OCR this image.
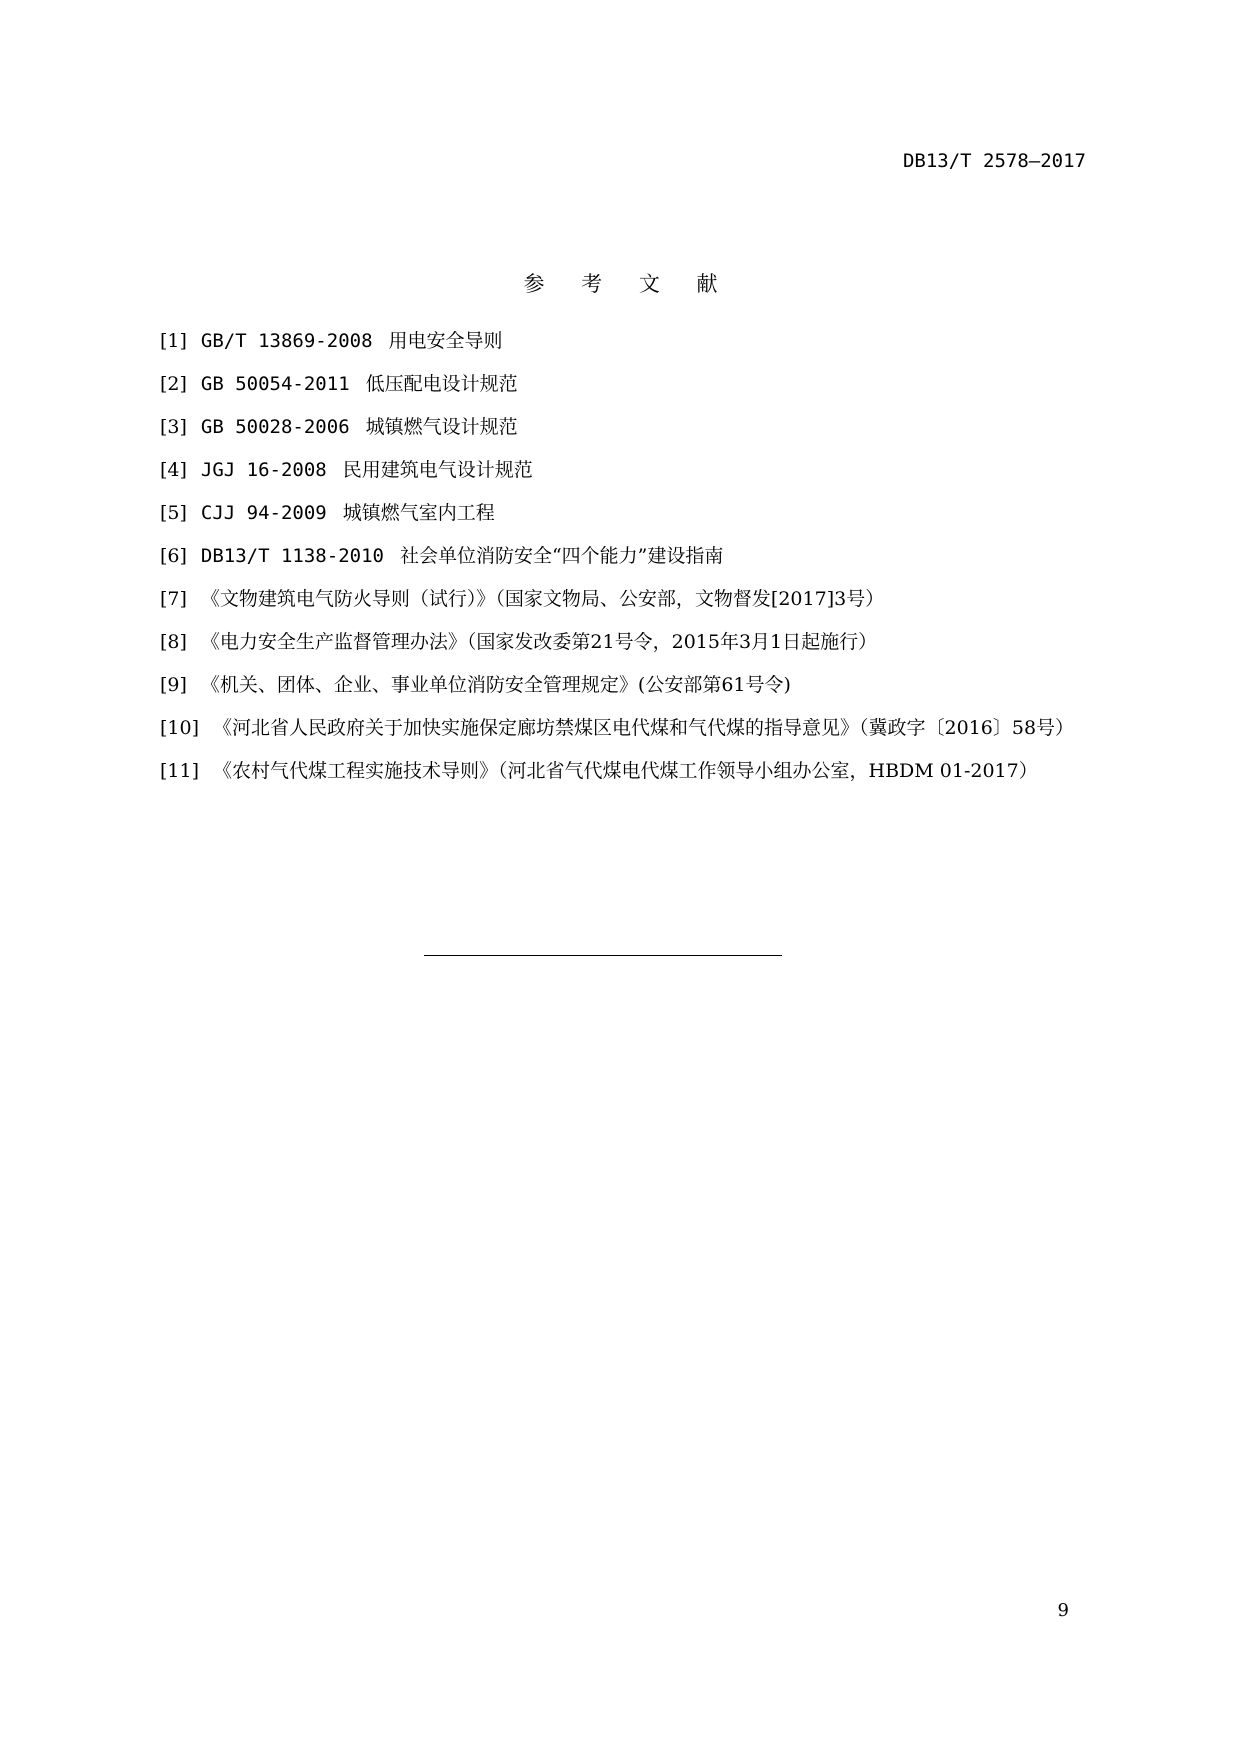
DB13/T 2578—2017
参 考 文 献
[1] GB/T 13869-2008 用电安全导则
[2] GB 50054-2011 低压配电设计规范
[3] GB 50028-2006 城镇燃气设计规范
[4] JGJ 16-2008 民用建筑电气设计规范
[5] CJJ 94-2009 城镇燃气室内工程
[6] DB13/T 1138-2010 社会单位消防安全“四个能力”建设指南
[7] 《文物建筑电气防火导则（试行）》（国家文物局、公安部，文物督发[2017]3号）
[8] 《电力安全生产监督管理办法》（国家发改委第21号令，2015年3月1日起施行）
[9] 《机关、团体、企业、事业单位消防安全管理规定》(公安部第61号令)
[10] 《河北省人民政府关于加快实施保定廊坊禁煤区电代煤和气代煤的指导意见》（冀政字〔2016〕58号）
[11] 《农村气代煤工程实施技术导则》（河北省气代煤电代煤工作领导小组办公室，HBDM 01-2017）
9
